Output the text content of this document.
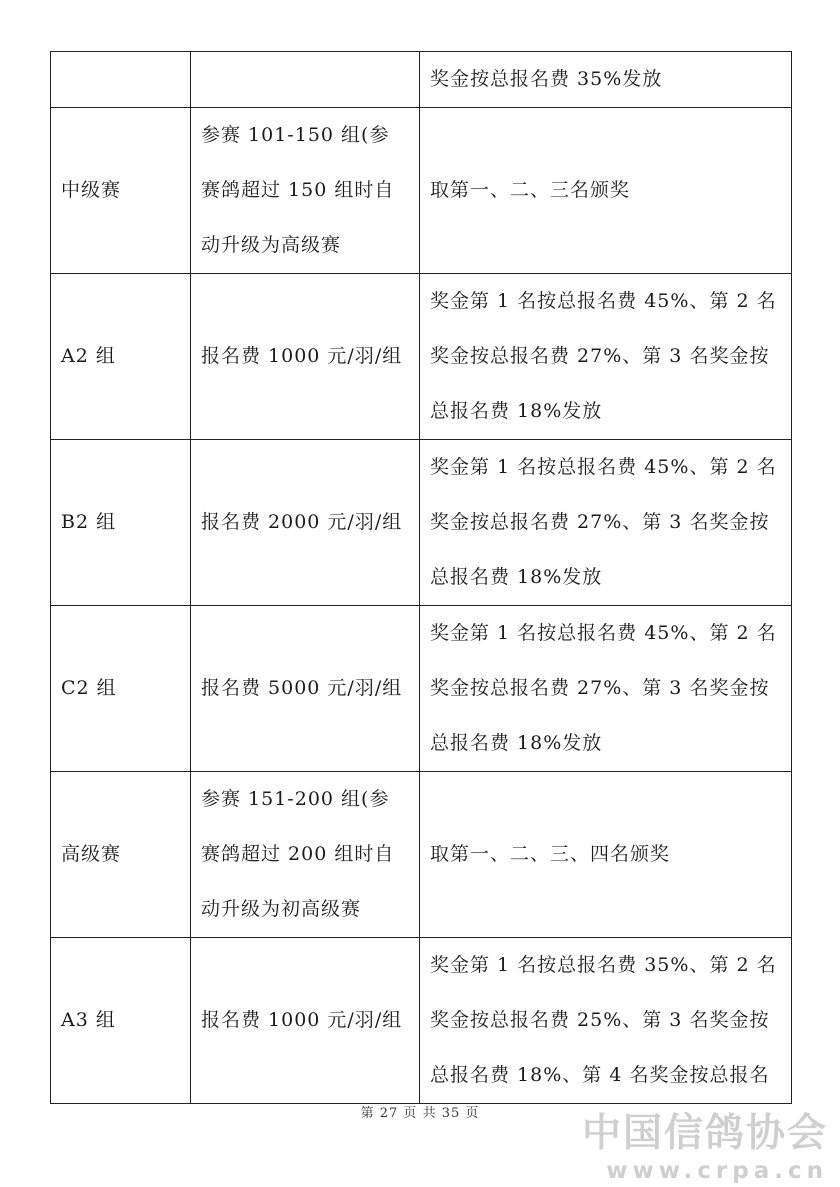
		奖金按总报名费 35%发放
中级赛	参赛 101-150 组(参赛鸽超过 150 组时自动升级为高级赛	取第一、二、三名颁奖
A2 组	报名费 1000 元/羽/组	奖金第 1 名按总报名费 45%、第 2 名奖金按总报名费 27%、第 3 名奖金按总报名费 18%发放
B2 组	报名费 2000 元/羽/组	奖金第 1 名按总报名费 45%、第 2 名奖金按总报名费 27%、第 3 名奖金按总报名费 18%发放
C2 组	报名费 5000 元/羽/组	奖金第 1 名按总报名费 45%、第 2 名奖金按总报名费 27%、第 3 名奖金按总报名费 18%发放
高级赛	参赛 151-200 组(参赛鸽超过 200 组时自动升级为初高级赛	取第一、二、三、四名颁奖
A3 组	报名费 1000 元/羽/组	奖金第 1 名按总报名费 35%、第 2 名奖金按总报名费 25%、第 3 名奖金按总报名费 18%、第 4 名奖金按总报名
第 27 页 共 35 页	中国信鸽协会
www.crpa.cn
